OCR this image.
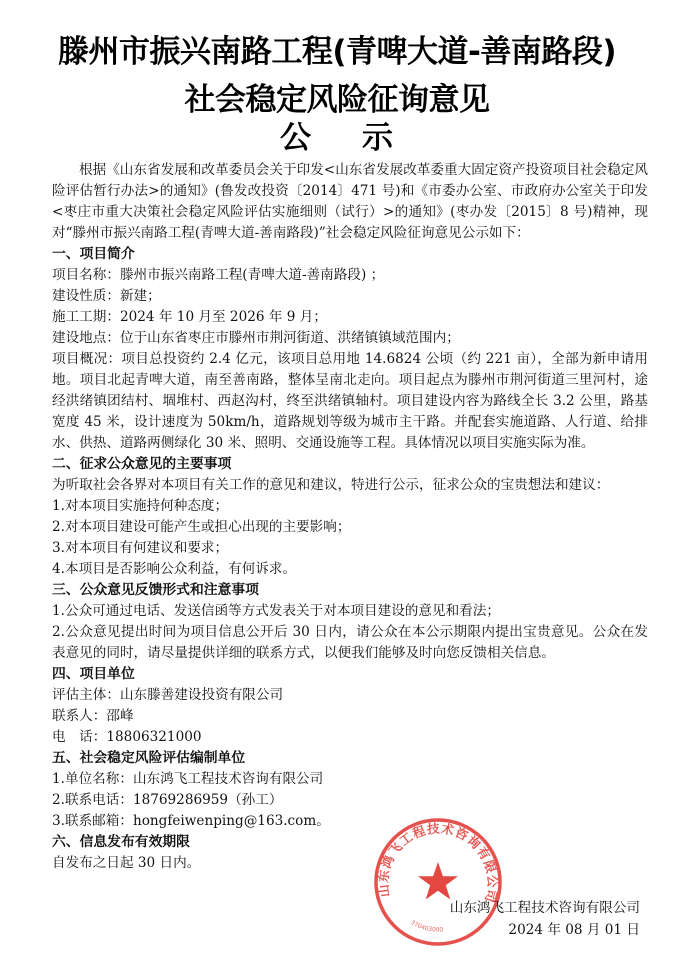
滕州市振兴南路工程(青啤大道-善南路段)
社会稳定风险征询意见
公 示

根据《山东省发展和改革委员会关于印发<山东省发展改革委重大固定资产投资项目社会稳定风险评估暂行办法>的通知》(鲁发改投资〔2014〕471 号)和《市委办公室、市政府办公室关于印发<枣庄市重大决策社会稳定风险评估实施细则（试行）>的通知》(枣办发〔2015〕8 号)精神，现对“滕州市振兴南路工程(青啤大道-善南路段)”社会稳定风险征询意见公示如下：

一、项目简介

项目名称：滕州市振兴南路工程(青啤大道-善南路段) ；

建设性质：新建；

施工工期：2024 年 10 月至 2026 年 9 月；

建设地点：位于山东省枣庄市滕州市荆河街道、洪绪镇镇域范围内；

项目概况：项目总投资约 2.4 亿元，该项目总用地 14.6824 公顷（约 221 亩），全部为新申请用地。项目北起青啤大道，南至善南路，整体呈南北走向。项目起点为滕州市荆河街道三里河村，途经洪绪镇团结村、堌堆村、西赵沟村，终至洪绪镇轴村。项目建设内容为路线全长 3.2 公里，路基宽度 45 米，设计速度为 50km/h，道路规划等级为城市主干路。并配套实施道路、人行道、给排水、供热、道路两侧绿化 30 米、照明、交通设施等工程。具体情况以项目实施实际为准。

二、征求公众意见的主要事项

为听取社会各界对本项目有关工作的意见和建议，特进行公示，征求公众的宝贵想法和建议：

1.对本项目实施持何种态度；

2.对本项目建设可能产生或担心出现的主要影响；

3.对本项目有何建议和要求；

4.本项目是否影响公众利益，有何诉求。

三、公众意见反馈形式和注意事项

1.公众可通过电话、发送信函等方式发表关于对本项目建设的意见和看法；

2.公众意见提出时间为项目信息公开后 30 日内，请公众在本公示期限内提出宝贵意见。公众在发表意见的同时，请尽量提供详细的联系方式，以便我们能够及时向您反馈相关信息。

四、项目单位

评估主体：山东滕善建设投资有限公司

联系人：邵峰

电　话：18806321000

五、社会稳定风险评估编制单位

1.单位名称：山东鸿飞工程技术咨询有限公司

2.联系电话：18769286959（孙工）

3.联系邮箱：hongfeiwenping@163.com。

六、信息发布有效期限

自发布之日起 30 日内。

山东鸿飞工程技术咨询有限公司
370403000
山东鸿飞工程技术咨询有限公司
2024 年 08 月 01 日
